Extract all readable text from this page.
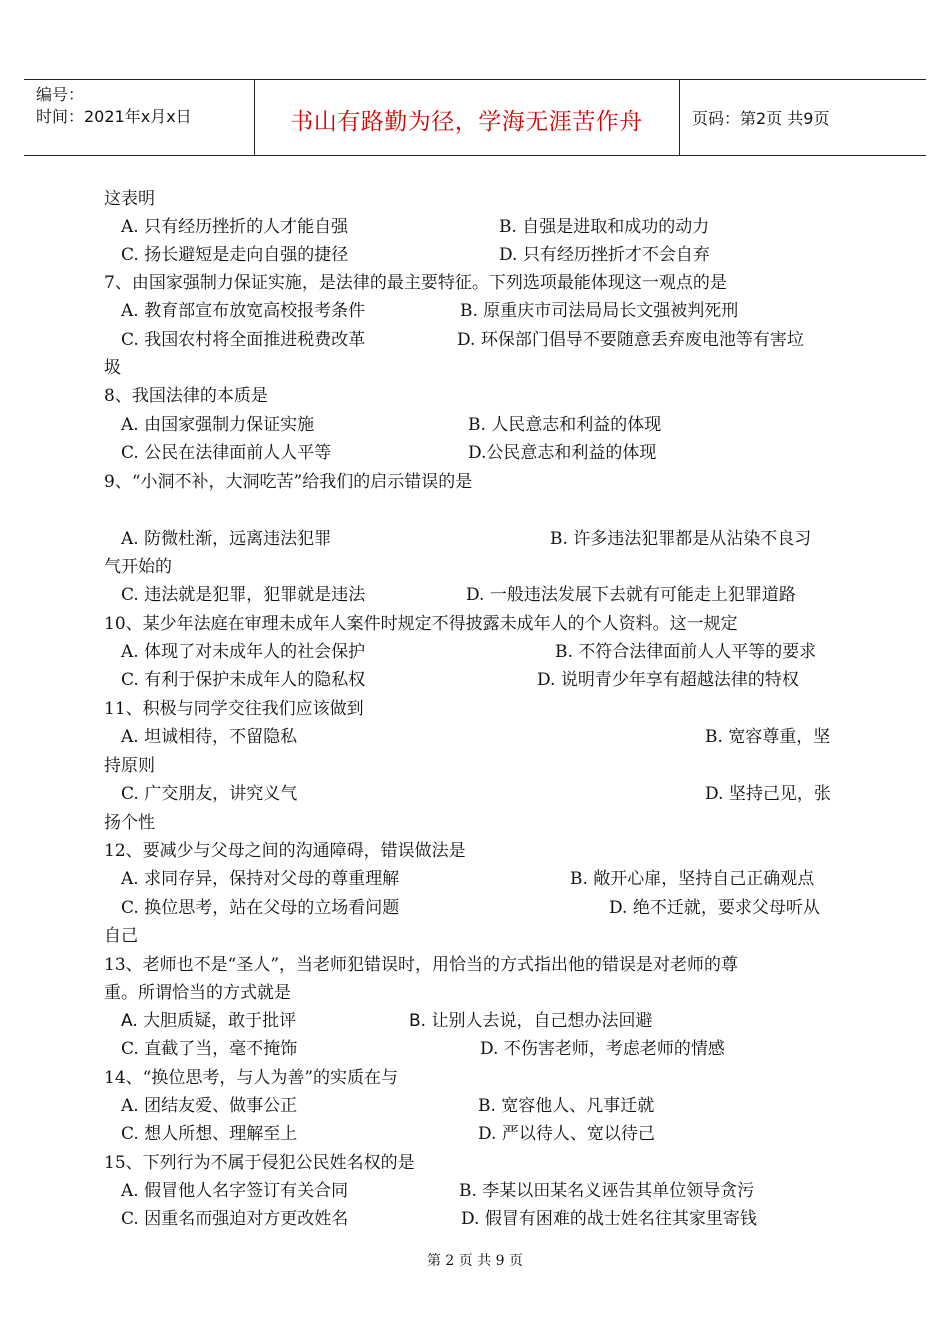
编号：
时间：2021年x月x日	书山有路勤为径，学海无涯苦作舟	页码：第2页 共9页
这表明
A. 只有经历挫折的人才能自强	B. 自强是进取和成功的动力
C. 扬长避短是走向自强的捷径	D. 只有经历挫折才不会自弃
7、由国家强制力保证实施，是法律的最主要特征。下列选项最能体现这一观点的是
A. 教育部宣布放宽高校报考条件	B. 原重庆市司法局局长文强被判死刑
C. 我国农村将全面推进税费改革	D. 环保部门倡导不要随意丢弃废电池等有害垃
圾
8、我国法律的本质是
A. 由国家强制力保证实施	B. 人民意志和利益的体现
C. 公民在法律面前人人平等	D.公民意志和利益的体现
9、“小洞不补，大洞吃苦”给我们的启示错误的是
A. 防微杜渐，远离违法犯罪	B. 许多违法犯罪都是从沾染不良习
气开始的
C. 违法就是犯罪，犯罪就是违法	D. 一般违法发展下去就有可能走上犯罪道路
10、某少年法庭在审理未成年人案件时规定不得披露未成年人的个人资料。这一规定
A. 体现了对未成年人的社会保护	B. 不符合法律面前人人平等的要求
C. 有利于保护未成年人的隐私权	D. 说明青少年享有超越法律的特权
11、积极与同学交往我们应该做到
A. 坦诚相待，不留隐私	B. 宽容尊重，坚
持原则
C. 广交朋友，讲究义气	D. 坚持己见，张
扬个性
12、要减少与父母之间的沟通障碍，错误做法是
A. 求同存异，保持对父母的尊重理解	B. 敞开心扉，坚持自己正确观点
C. 换位思考，站在父母的立场看问题	D. 绝不迁就，要求父母听从
自己
13、老师也不是“圣人”，当老师犯错误时，用恰当的方式指出他的错误是对老师的尊
重。所谓恰当的方式就是
A. 大胆质疑，敢于批评	B. 让别人去说，自己想办法回避
C. 直截了当，毫不掩饰	D. 不伤害老师，考虑老师的情感
14、“换位思考，与人为善”的实质在与
A. 团结友爱、做事公正	B. 宽容他人、凡事迁就
C. 想人所想、理解至上	D. 严以待人、宽以待己
15、下列行为不属于侵犯公民姓名权的是
A. 假冒他人名字签订有关合同	B. 李某以田某名义诬告其单位领导贪污
C. 因重名而强迫对方更改姓名	D. 假冒有困难的战士姓名往其家里寄钱
第 2 页 共 9 页
